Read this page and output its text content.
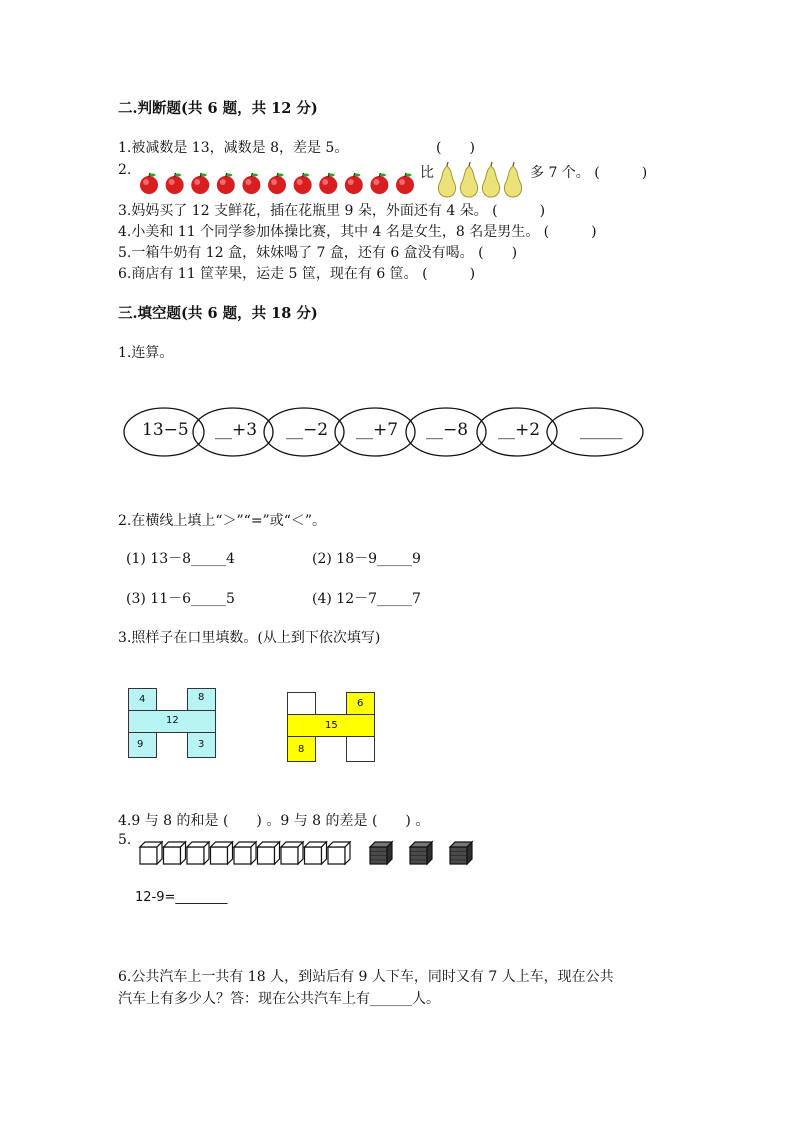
二.判断题(共 6 题，共 12 分)
1.被减数是 13，减数是 8，差是 5。	(　　)
2.	比	多 7 个。 (　　　)
3.妈妈买了 12 支鲜花，插在花瓶里 9 朵，外面还有 4 朵。 (　　　)
4.小美和 11 个同学参加体操比赛，其中 4 名是女生，8 名是男生。 (　　　)
5.一箱牛奶有 12 盒，妹妹喝了 7 盒，还有 6 盒没有喝。 (　　)
6.商店有 11 筐苹果，运走 5 筐，现在有 6 筐。 (　　　)
三.填空题(共 6 题，共 18 分)
1.连算。
13−5 __+3 __−2 __+7 __−8 __+2 _____
2.在横线上填上“＞”“=”或“＜”。
(1) 13－8_____4	(2) 18－9_____9
(3) 11－6_____5	(4) 12－7_____7
3.照样子在口里填数。(从上到下依次填写)
4	8
12
9	3
6
15
8
4.9 与 8 的和是 (　　) 。9 与 8 的差是 (　　) 。
5.
12-9=________
6.公共汽车上一共有 18 人，到站后有 9 人下车，同时又有 7 人上车，现在公共
汽车上有多少人？答：现在公共汽车上有______人。
